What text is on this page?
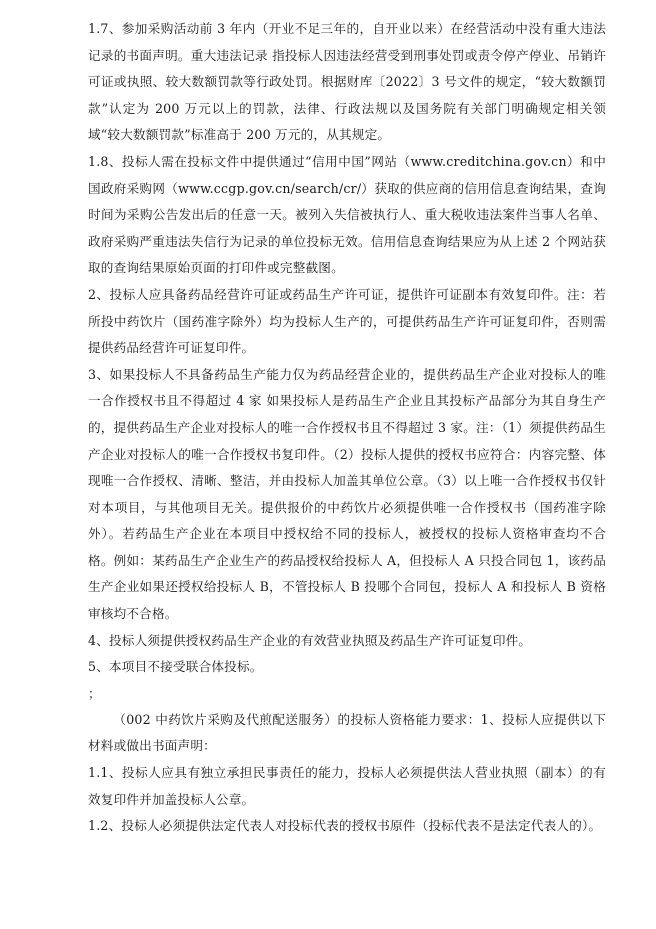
1.7、参加采购活动前 3 年内（开业不足三年的，自开业以来）在经营活动中没有重大违法记录的书面声明。重大违法记录 指投标人因违法经营受到刑事处罚或责令停产停业、吊销许可证或执照、较大数额罚款等行政处罚。根据财库〔2022〕3 号文件的规定，“较大数额罚款”认定为 200 万元以上的罚款，法律、行政法规以及国务院有关部门明确规定相关领域“较大数额罚款”标准高于 200 万元的，从其规定。

1.8、投标人需在投标文件中提供通过“信用中国”网站（www.creditchina.gov.cn）和中国政府采购网（www.ccgp.gov.cn/search/cr/）获取的供应商的信用信息查询结果，查询时间为采购公告发出后的任意一天。被列入失信被执行人、重大税收违法案件当事人名单、政府采购严重违法失信行为记录的单位投标无效。信用信息查询结果应为从上述 2 个网站获取的查询结果原始页面的打印件或完整截图。

2、投标人应具备药品经营许可证或药品生产许可证，提供许可证副本有效复印件。注：若所投中药饮片（国药准字除外）均为投标人生产的，可提供药品生产许可证复印件，否则需提供药品经营许可证复印件。

3、如果投标人不具备药品生产能力仅为药品经营企业的，提供药品生产企业对投标人的唯一合作授权书且不得超过 4 家 如果投标人是药品生产企业且其投标产品部分为其自身生产的，提供药品生产企业对投标人的唯一合作授权书且不得超过 3 家。注：（1）须提供药品生产企业对投标人的唯一合作授权书复印件。（2）投标人提供的授权书应符合：内容完整、体现唯一合作授权、清晰、整洁，并由投标人加盖其单位公章。（3）以上唯一合作授权书仅针对本项目，与其他项目无关。提供报价的中药饮片必须提供唯一合作授权书（国药准字除外）。若药品生产企业在本项目中授权给不同的投标人，被授权的投标人资格审查均不合格。例如：某药品生产企业生产的药品授权给投标人 A，但投标人 A 只投合同包 1，该药品生产企业如果还授权给投标人 B，不管投标人 B 投哪个合同包，投标人 A 和投标人 B 资格审核均不合格。

4、投标人须提供授权药品生产企业的有效营业执照及药品生产许可证复印件。

5、本项目不接受联合体投标。

；

（002 中药饮片采购及代煎配送服务）的投标人资格能力要求：1、投标人应提供以下材料或做出书面声明：

1.1、投标人应具有独立承担民事责任的能力，投标人必须提供法人营业执照（副本）的有效复印件并加盖投标人公章。

1.2、投标人必须提供法定代表人对投标代表的授权书原件（投标代表不是法定代表人的）。
